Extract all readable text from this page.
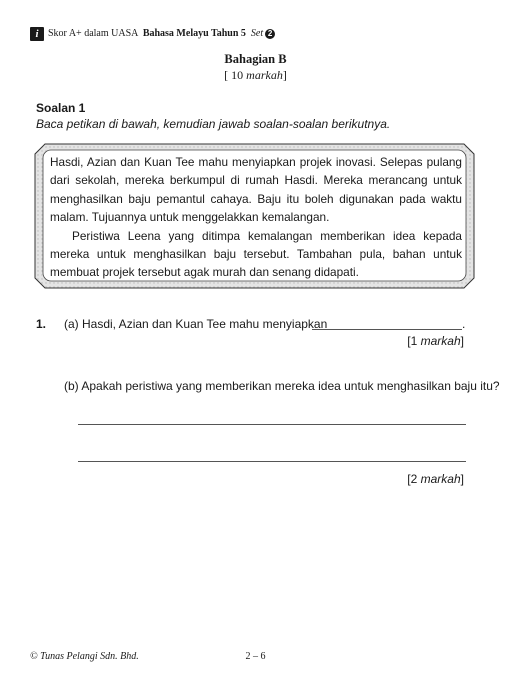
i Skor A+ dalam UASA Bahasa Melayu Tahun 5 Set 2
Bahagian B
[ 10 markah]
Soalan 1
Baca petikan di bawah, kemudian jawab soalan-soalan berikutnya.

Hasdi, Azian dan Kuan Tee mahu menyiapkan projek inovasi. Selepas pulang dari sekolah, mereka berkumpul di rumah Hasdi. Mereka merancang untuk menghasilkan baju pemantul cahaya. Baju itu boleh digunakan pada waktu malam. Tujuannya untuk menggelakkan kemalangan.

Peristiwa Leena yang ditimpa kemalangan memberikan idea kepada mereka untuk menghasilkan baju tersebut. Tambahan pula, bahan untuk membuat projek tersebut agak murah dan senang didapati.

1. (a) Hasdi, Azian dan Kuan Tee mahu menyiapkan	.
[1 markah]
(b) Apakah peristiwa yang memberikan mereka idea untuk menghasilkan baju itu?
[2 markah]
© Tunas Pelangi Sdn. Bhd.	2 – 6
